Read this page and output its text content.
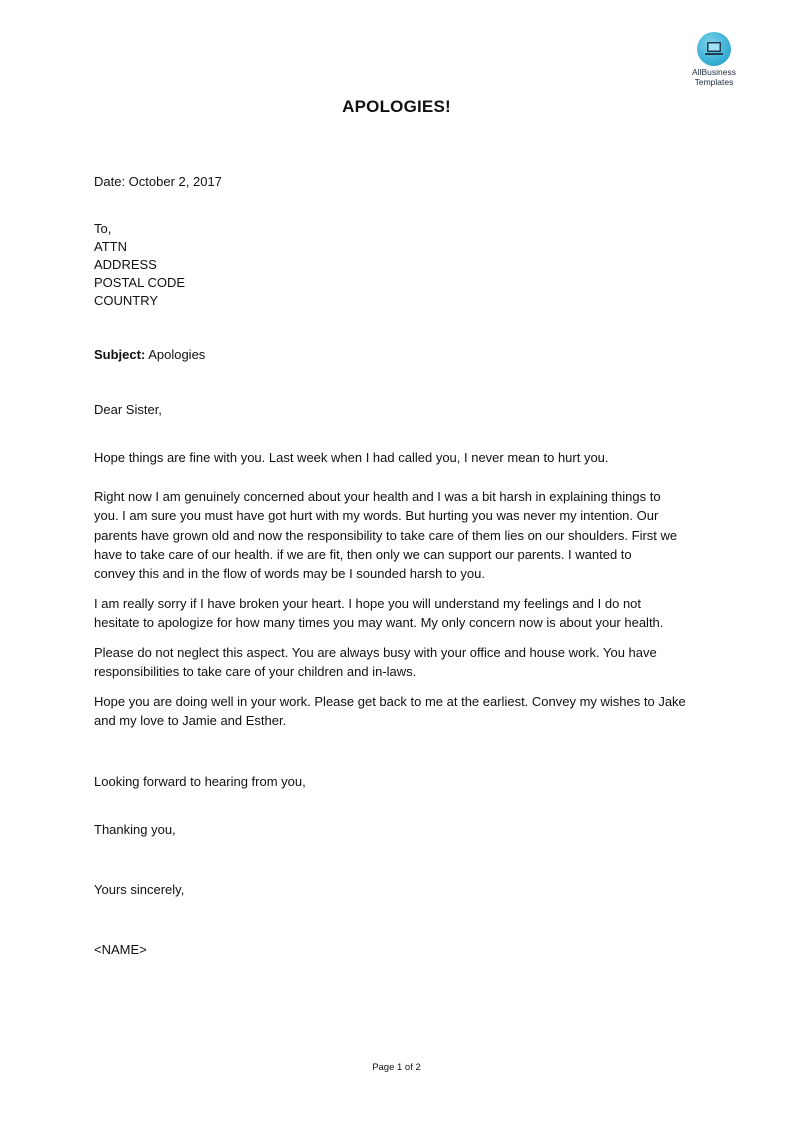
AllBusiness
Templates
APOLOGIES!
Date: October 2, 2017
To,
ATTN
ADDRESS
POSTAL CODE
COUNTRY
Subject: Apologies
Dear Sister,
Hope things are fine with you. Last week when I had called you, I never mean to hurt you.
Right now I am genuinely concerned about your health and I was a bit harsh in explaining things to
you. I am sure you must have got hurt with my words. But hurting you was never my intention. Our
parents have grown old and now the responsibility to take care of them lies on our shoulders. First we
have to take care of our health. if we are fit, then only we can support our parents. I wanted to
convey this and in the flow of words may be I sounded harsh to you.
I am really sorry if I have broken your heart. I hope you will understand my feelings and I do not
hesitate to apologize for how many times you may want. My only concern now is about your health.
Please do not neglect this aspect. You are always busy with your office and house work. You have
responsibilities to take care of your children and in-laws.
Hope you are doing well in your work. Please get back to me at the earliest. Convey my wishes to Jake
and my love to Jamie and Esther.
Looking forward to hearing from you,
Thanking you,
Yours sincerely,
<NAME>
Page 1 of 2
